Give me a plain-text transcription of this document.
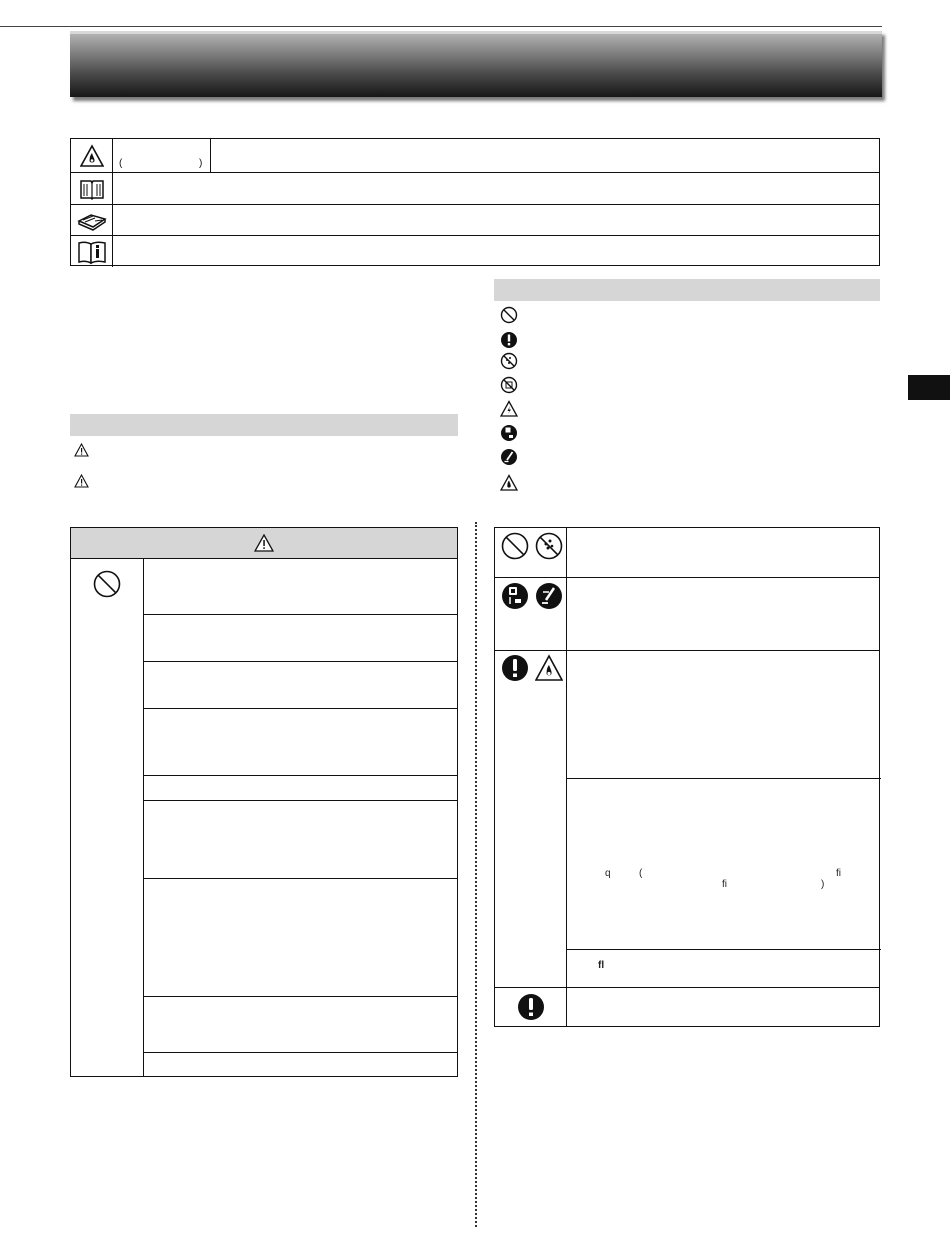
(	)
q	(	fi
fi	)
fl
